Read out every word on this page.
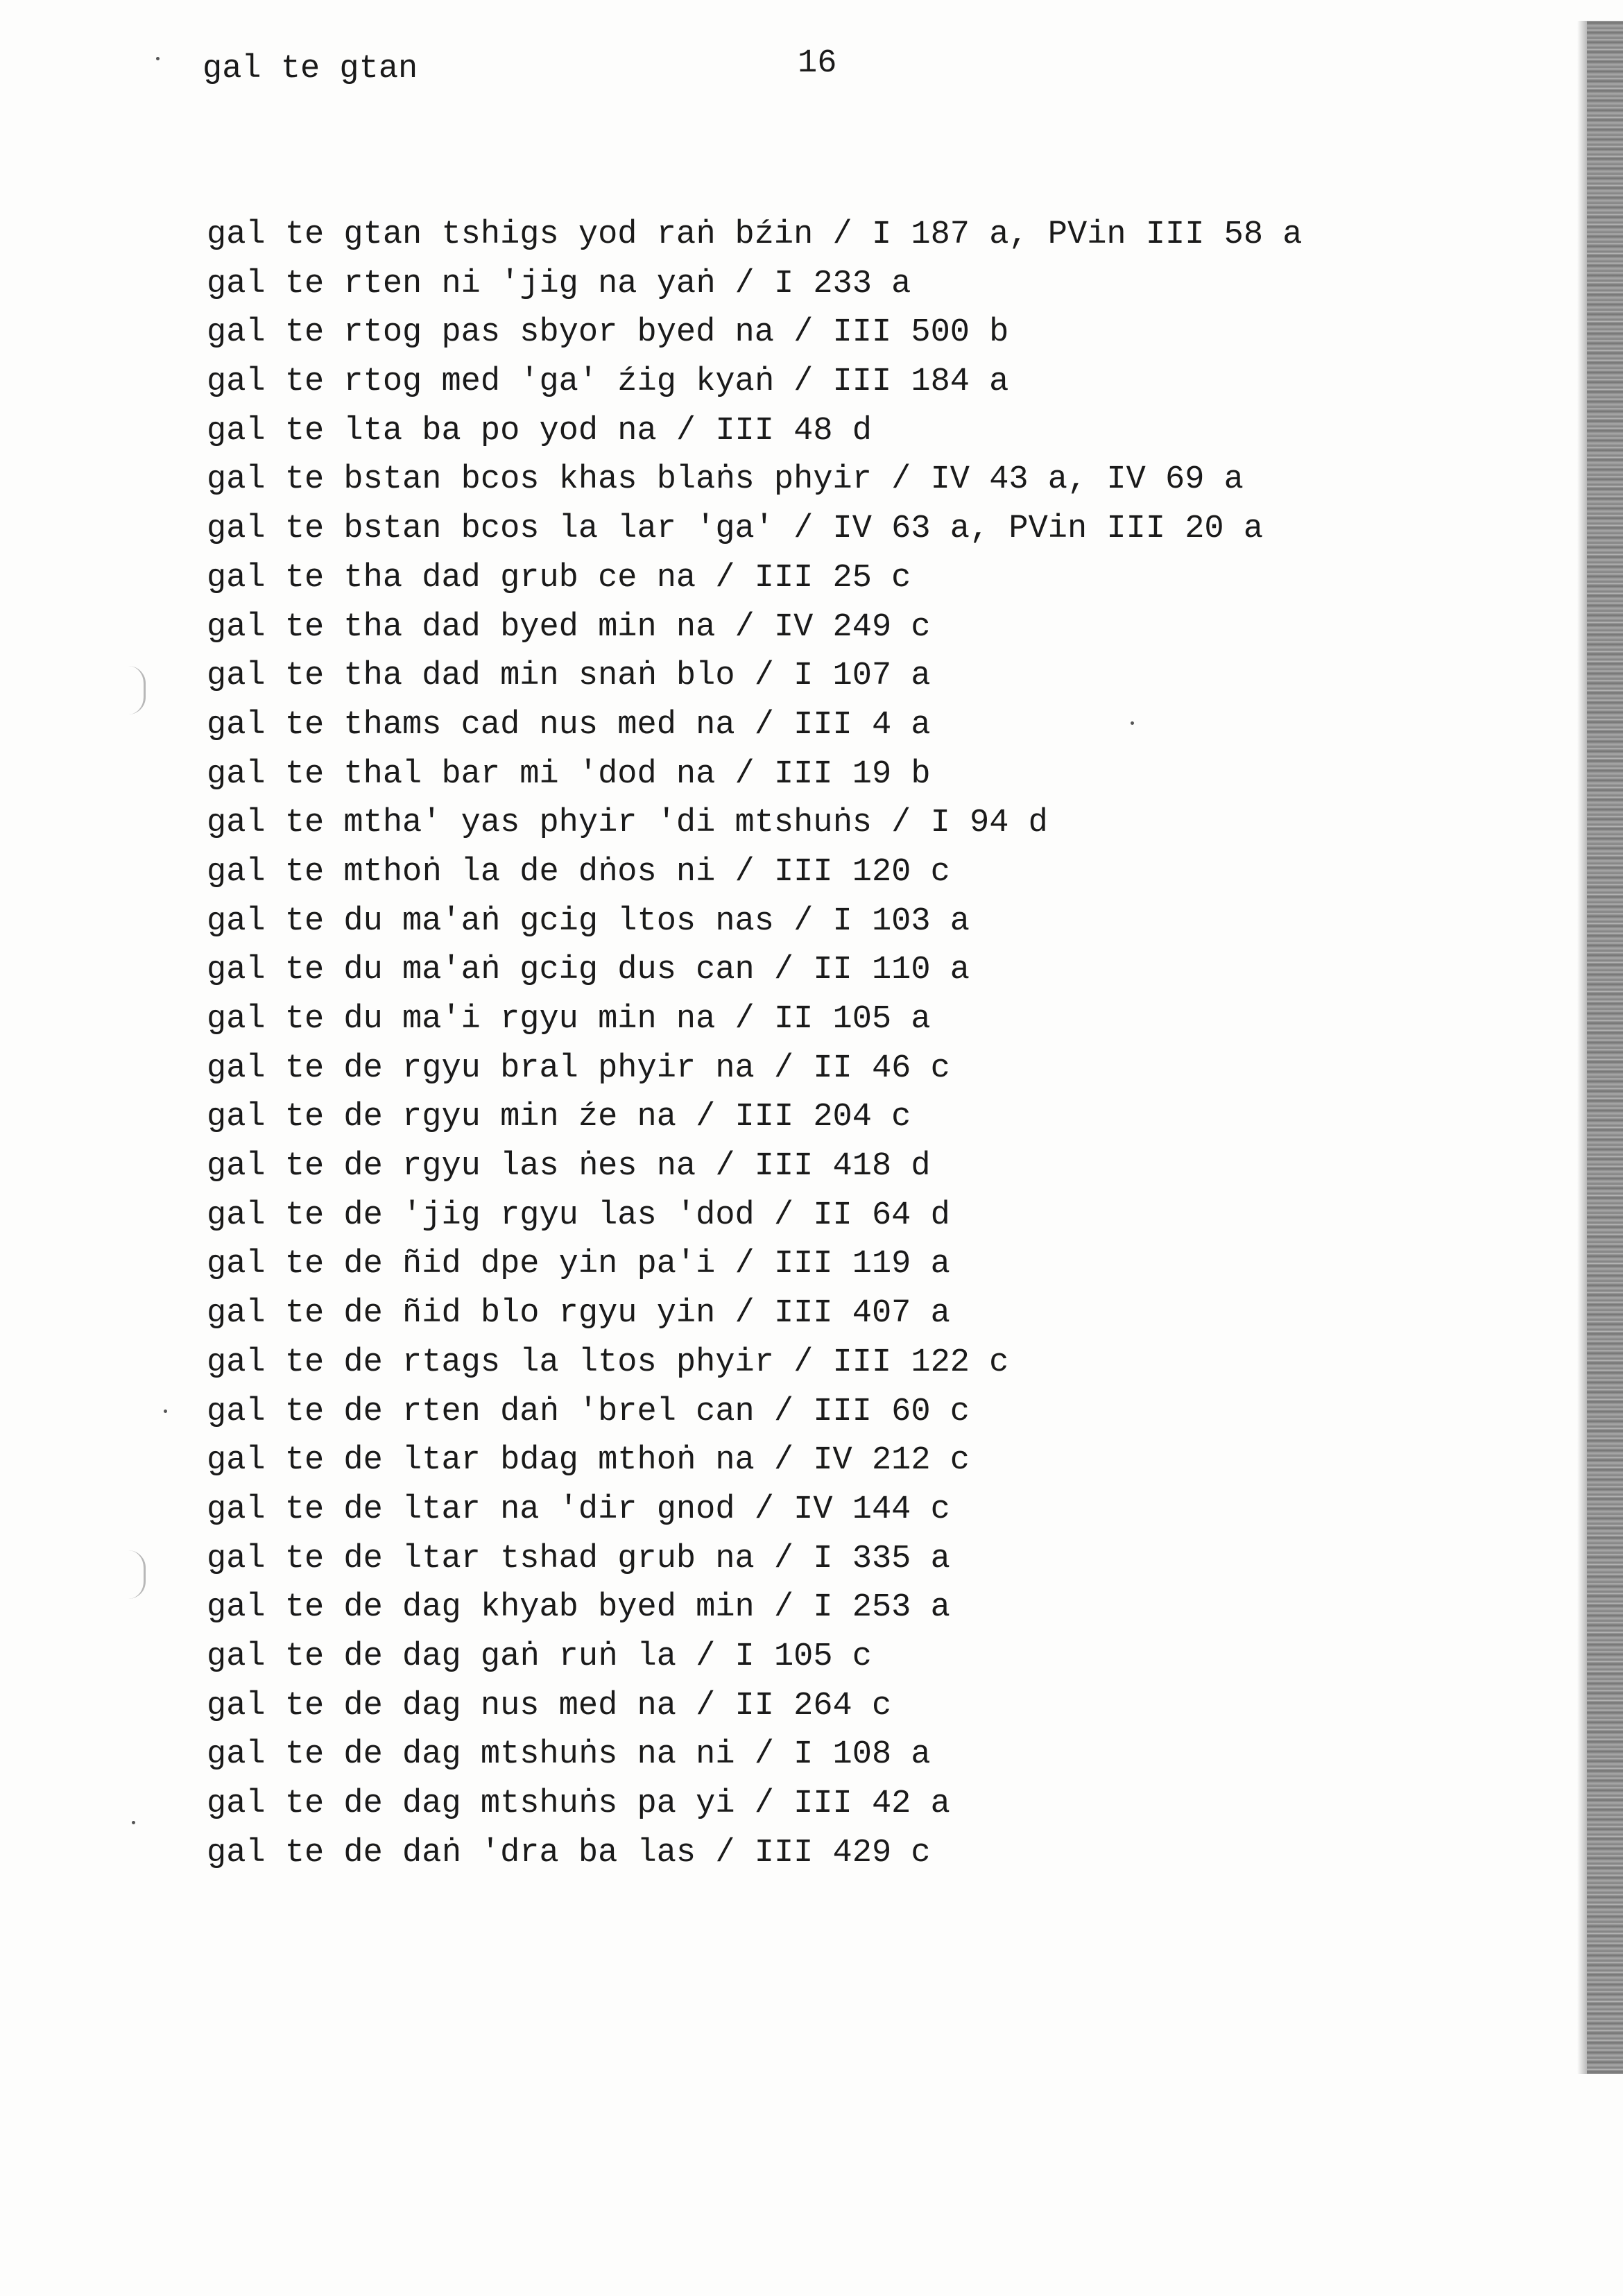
gal te gtan	16
gal te gtan tshigs yod raṅ bźin / I 187 a, PVin III 58 a
gal te rten ni 'jig na yaṅ / I 233 a
gal te rtog pas sbyor byed na / III 500 b
gal te rtog med 'ga' źig kyaṅ / III 184 a
gal te lta ba po yod na / III 48 d
gal te bstan bcos khas blaṅs phyir / IV 43 a, IV 69 a
gal te bstan bcos la lar 'ga' / IV 63 a, PVin III 20 a
gal te tha dad grub ce na / III 25 c
gal te tha dad byed min na / IV 249 c
gal te tha dad min snaṅ blo / I 107 a
gal te thams cad nus med na / III 4 a
gal te thal bar mi 'dod na / III 19 b
gal te mtha' yas phyir 'di mtshuṅs / I 94 d
gal te mthoṅ la de dṅos ni / III 120 c
gal te du ma'aṅ gcig ltos nas / I 103 a
gal te du ma'aṅ gcig dus can / II 110 a
gal te du ma'i rgyu min na / II 105 a
gal te de rgyu bral phyir na / II 46 c
gal te de rgyu min źe na / III 204 c
gal te de rgyu las ṅes na / III 418 d
gal te de 'jig rgyu las 'dod / II 64 d
gal te de ñid dpe yin pa'i / III 119 a
gal te de ñid blo rgyu yin / III 407 a
gal te de rtags la ltos phyir / III 122 c
gal te de rten daṅ 'brel can / III 60 c
gal te de ltar bdag mthoṅ na / IV 212 c
gal te de ltar na 'dir gnod / IV 144 c
gal te de ltar tshad grub na / I 335 a
gal te de dag khyab byed min / I 253 a
gal te de dag gaṅ ruṅ la / I 105 c
gal te de dag nus med na / II 264 c
gal te de dag mtshuṅs na ni / I 108 a
gal te de dag mtshuṅs pa yi / III 42 a
gal te de daṅ 'dra ba las / III 429 c
